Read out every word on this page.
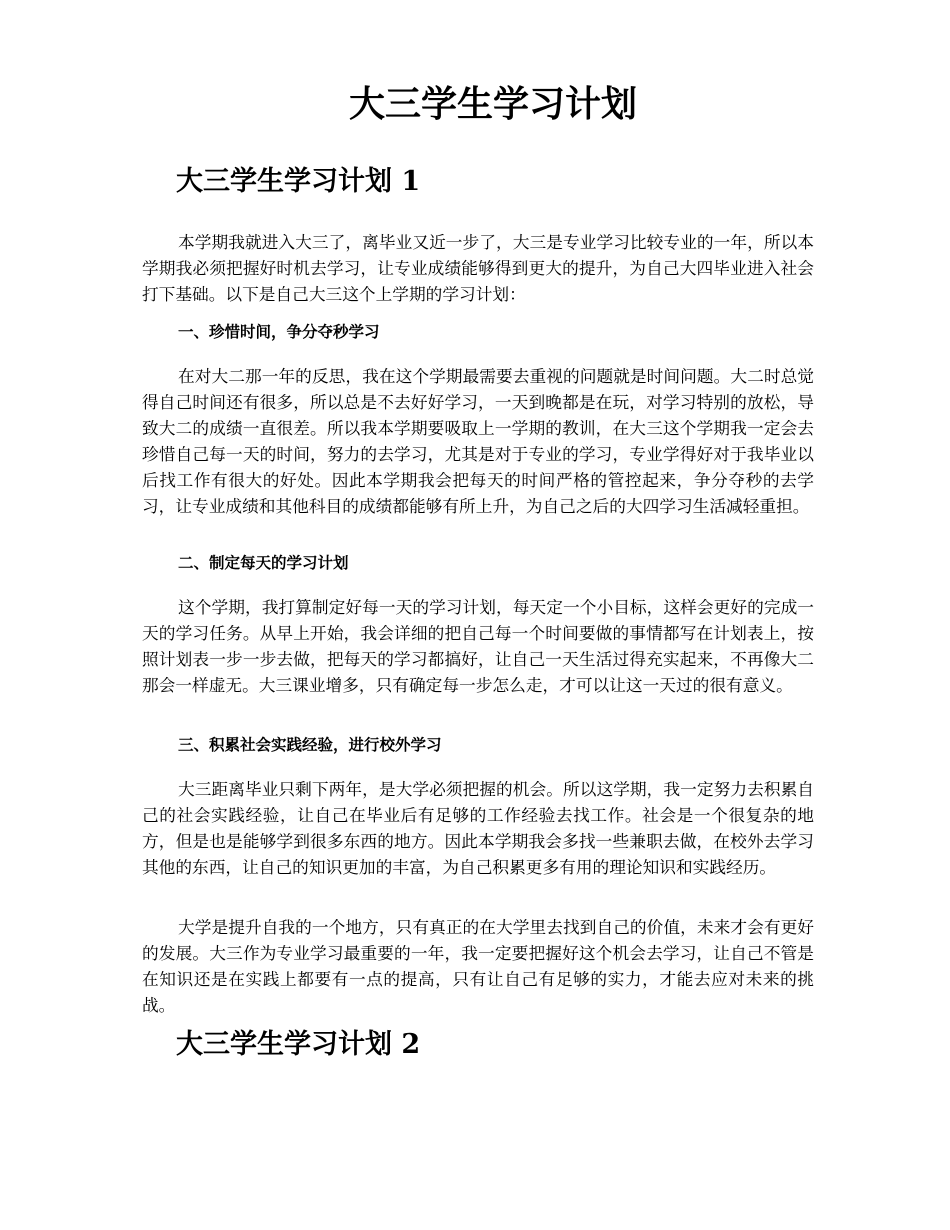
大三学生学习计划
大三学生学习计划 1

本学期我就进入大三了，离毕业又近一步了，大三是专业学习比较专业的一年，所以本学期我必须把握好时机去学习，让专业成绩能够得到更大的提升，为自己大四毕业进入社会打下基础。以下是自己大三这个上学期的学习计划：

一、珍惜时间，争分夺秒学习

在对大二那一年的反思，我在这个学期最需要去重视的问题就是时间问题。大二时总觉得自己时间还有很多，所以总是不去好好学习，一天到晚都是在玩，对学习特别的放松，导致大二的成绩一直很差。所以我本学期要吸取上一学期的教训，在大三这个学期我一定会去珍惜自己每一天的时间，努力的去学习，尤其是对于专业的学习，专业学得好对于我毕业以后找工作有很大的好处。因此本学期我会把每天的时间严格的管控起来，争分夺秒的去学习，让专业成绩和其他科目的成绩都能够有所上升，为自己之后的大四学习生活减轻重担。

二、制定每天的学习计划

这个学期，我打算制定好每一天的学习计划，每天定一个小目标，这样会更好的完成一天的学习任务。从早上开始，我会详细的把自己每一个时间要做的事情都写在计划表上，按照计划表一步一步去做，把每天的学习都搞好，让自己一天生活过得充实起来，不再像大二那会一样虚无。大三课业增多，只有确定每一步怎么走，才可以让这一天过的很有意义。

三、积累社会实践经验，进行校外学习

大三距离毕业只剩下两年，是大学必须把握的机会。所以这学期，我一定努力去积累自己的社会实践经验，让自己在毕业后有足够的工作经验去找工作。社会是一个很复杂的地方，但是也是能够学到很多东西的地方。因此本学期我会多找一些兼职去做，在校外去学习其他的东西，让自己的知识更加的丰富，为自己积累更多有用的理论知识和实践经历。

大学是提升自我的一个地方，只有真正的在大学里去找到自己的价值，未来才会有更好的发展。大三作为专业学习最重要的一年，我一定要把握好这个机会去学习，让自己不管是在知识还是在实践上都要有一点的提高，只有让自己有足够的实力，才能去应对未来的挑战。

大三学生学习计划 2
